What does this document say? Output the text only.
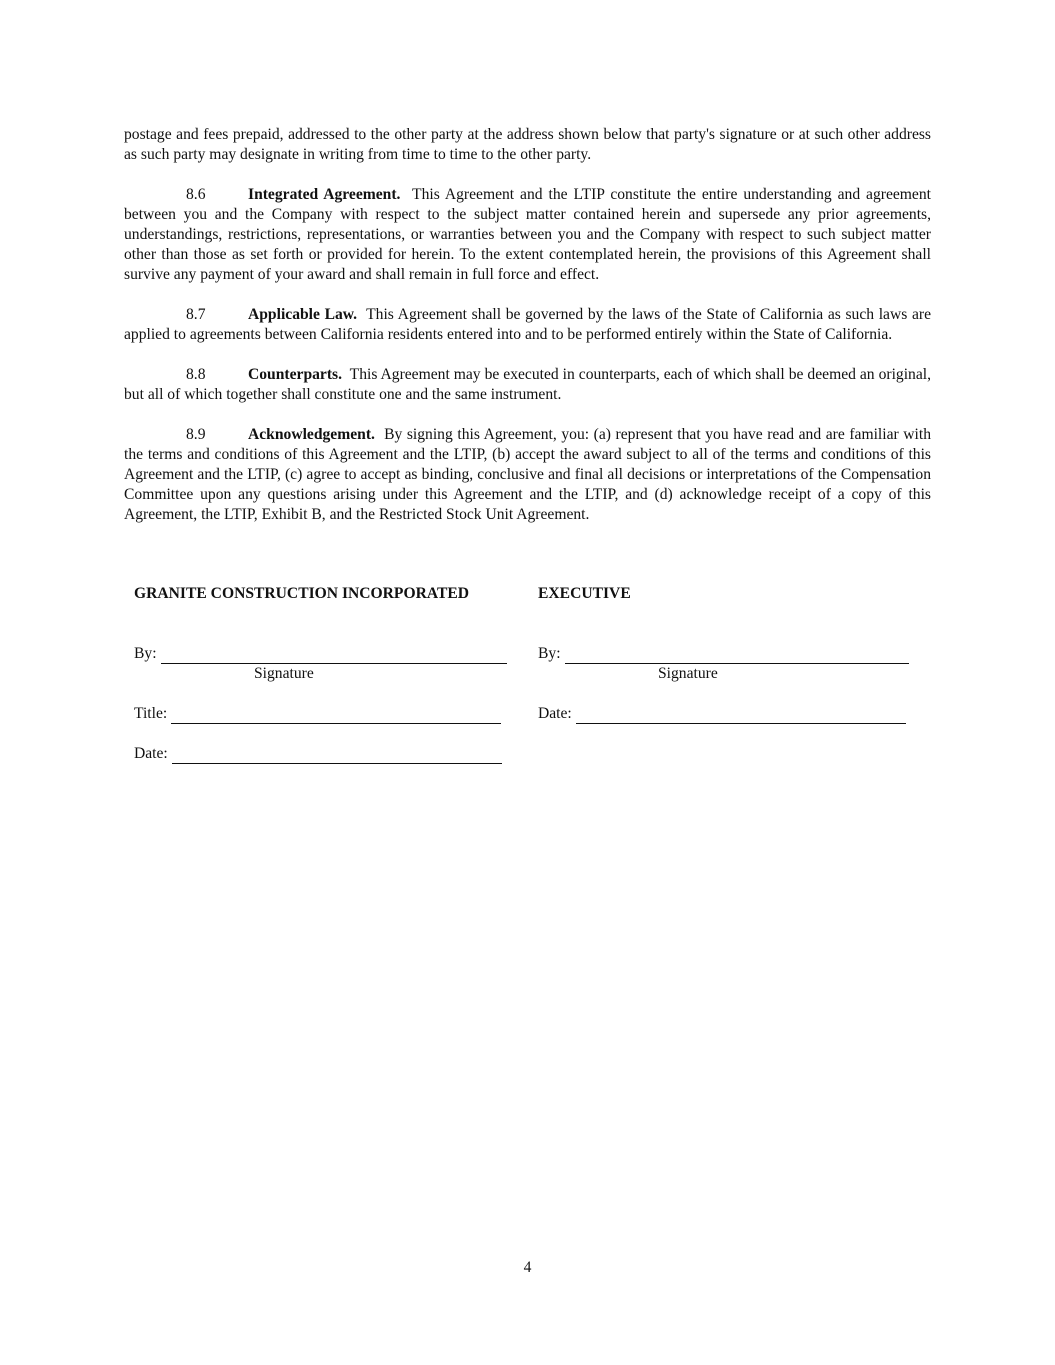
postage and fees prepaid, addressed to the other party at the address shown below that party's signature or at such other address as such party may designate in writing from time to time to the other party.

8.6	Integrated Agreement. This Agreement and the LTIP constitute the entire understanding and agreement between you and the Company with respect to the subject matter contained herein and supersede any prior agreements, understandings, restrictions, representations, or warranties between you and the Company with respect to such subject matter other than those as set forth or provided for herein. To the extent contemplated herein, the provisions of this Agreement shall survive any payment of your award and shall remain in full force and effect.

8.7	Applicable Law. This Agreement shall be governed by the laws of the State of California as such laws are applied to agreements between California residents entered into and to be performed entirely within the State of California.

8.8	Counterparts. This Agreement may be executed in counterparts, each of which shall be deemed an original, but all of which together shall constitute one and the same instrument.

8.9	Acknowledgement. By signing this Agreement, you: (a) represent that you have read and are familiar with the terms and conditions of this Agreement and the LTIP, (b) accept the award subject to all of the terms and conditions of this Agreement and the LTIP, (c) agree to accept as binding, conclusive and final all decisions or interpretations of the Compensation Committee upon any questions arising under this Agreement and the LTIP, and (d) acknowledge receipt of a copy of this Agreement, the LTIP, Exhibit B, and the Restricted Stock Unit Agreement.

GRANITE CONSTRUCTION INCORPORATED
By:
Signature
Title:
Date:
EXECUTIVE
By:
Signature
Date:
4
